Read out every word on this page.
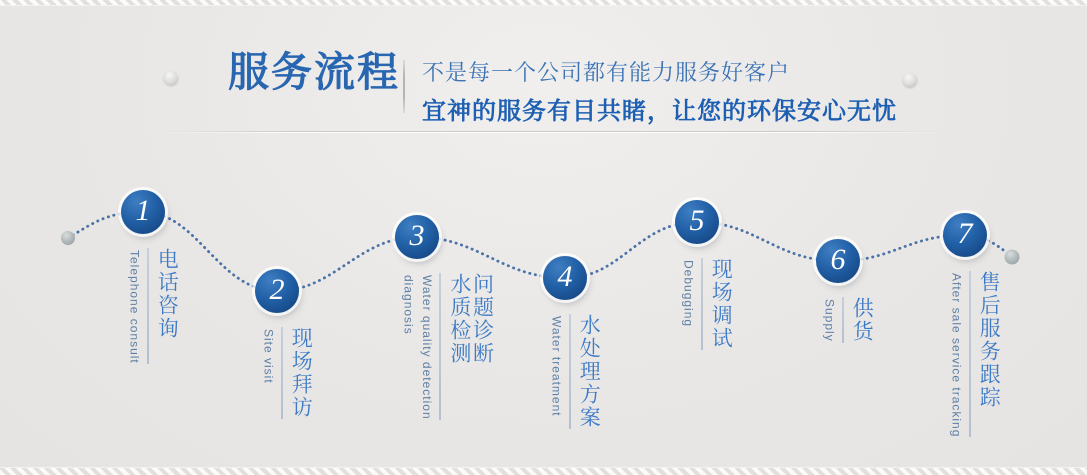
服务流程 不是每一个公司都有能力服务好客户
宜神的服务有目共睹，让您的环保安心无忧
1
Telephone consult 电话咨询	2
Site visit 现场拜访
3
Water quality detection
diagnosis 水质检测 问题诊断 4
Water treatment 水处理方案
5
Debugging 现场调试	6
Supply 供货
7
After sale service tracking 售后服务跟踪
